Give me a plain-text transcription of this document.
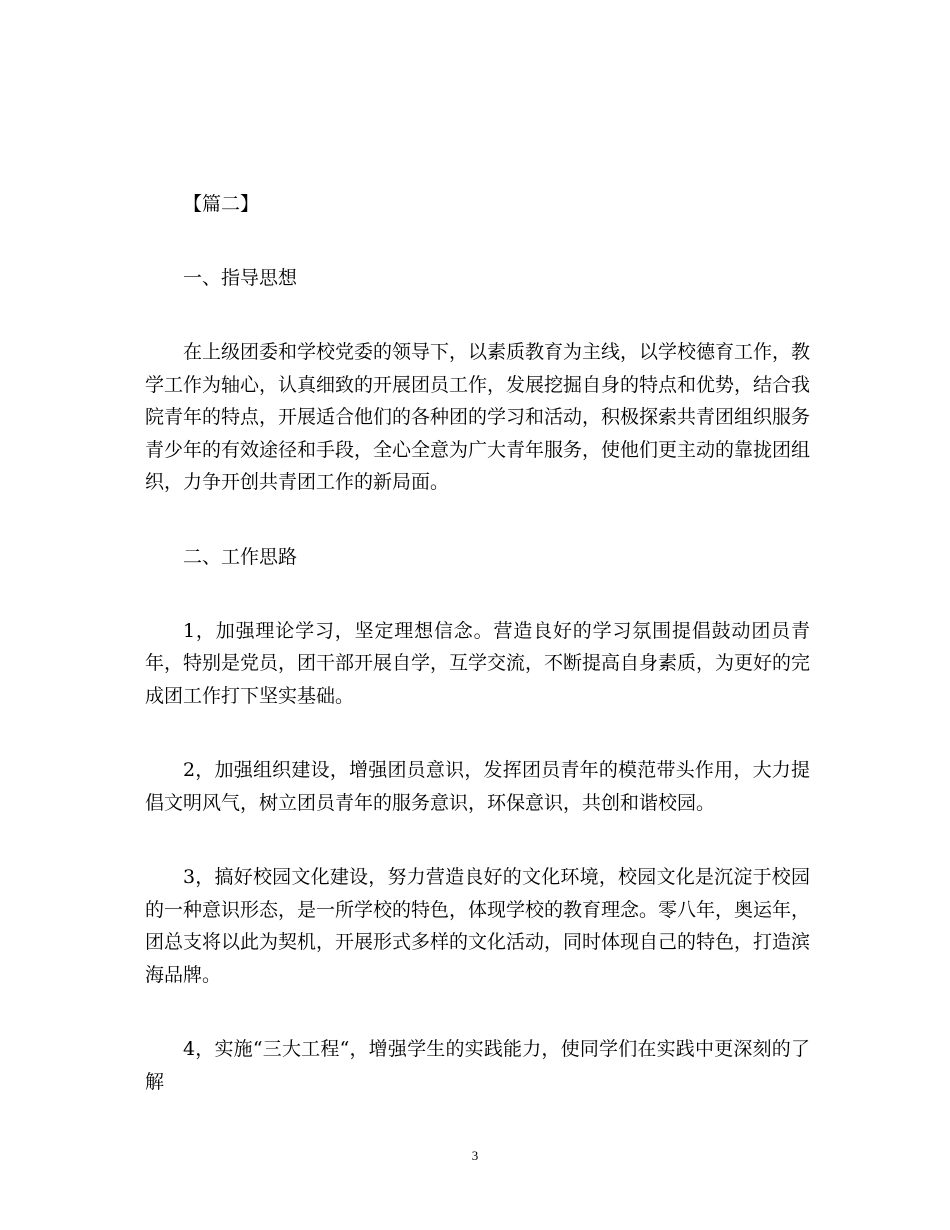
【篇二】

一、指导思想

在上级团委和学校党委的领导下，以素质教育为主线，以学校德育工作，教学工作为轴心，认真细致的开展团员工作，发展挖掘自身的特点和优势，结合我院青年的特点，开展适合他们的各种团的学习和活动，积极探索共青团组织服务青少年的有效途径和手段，全心全意为广大青年服务，使他们更主动的靠拢团组织，力争开创共青团工作的新局面。

二、工作思路

1，加强理论学习，坚定理想信念。营造良好的学习氛围提倡鼓动团员青年，特别是党员，团干部开展自学，互学交流，不断提高自身素质，为更好的完成团工作打下坚实基础。

2，加强组织建设，增强团员意识，发挥团员青年的模范带头作用，大力提倡文明风气，树立团员青年的服务意识，环保意识，共创和谐校园。

3，搞好校园文化建设，努力营造良好的文化环境，校园文化是沉淀于校园的一种意识形态，是一所学校的特色，体现学校的教育理念。零八年，奥运年，团总支将以此为契机，开展形式多样的文化活动，同时体现自己的特色，打造滨海品牌。

4，实施“三大工程“，增强学生的实践能力，使同学们在实践中更深刻的了解

3
